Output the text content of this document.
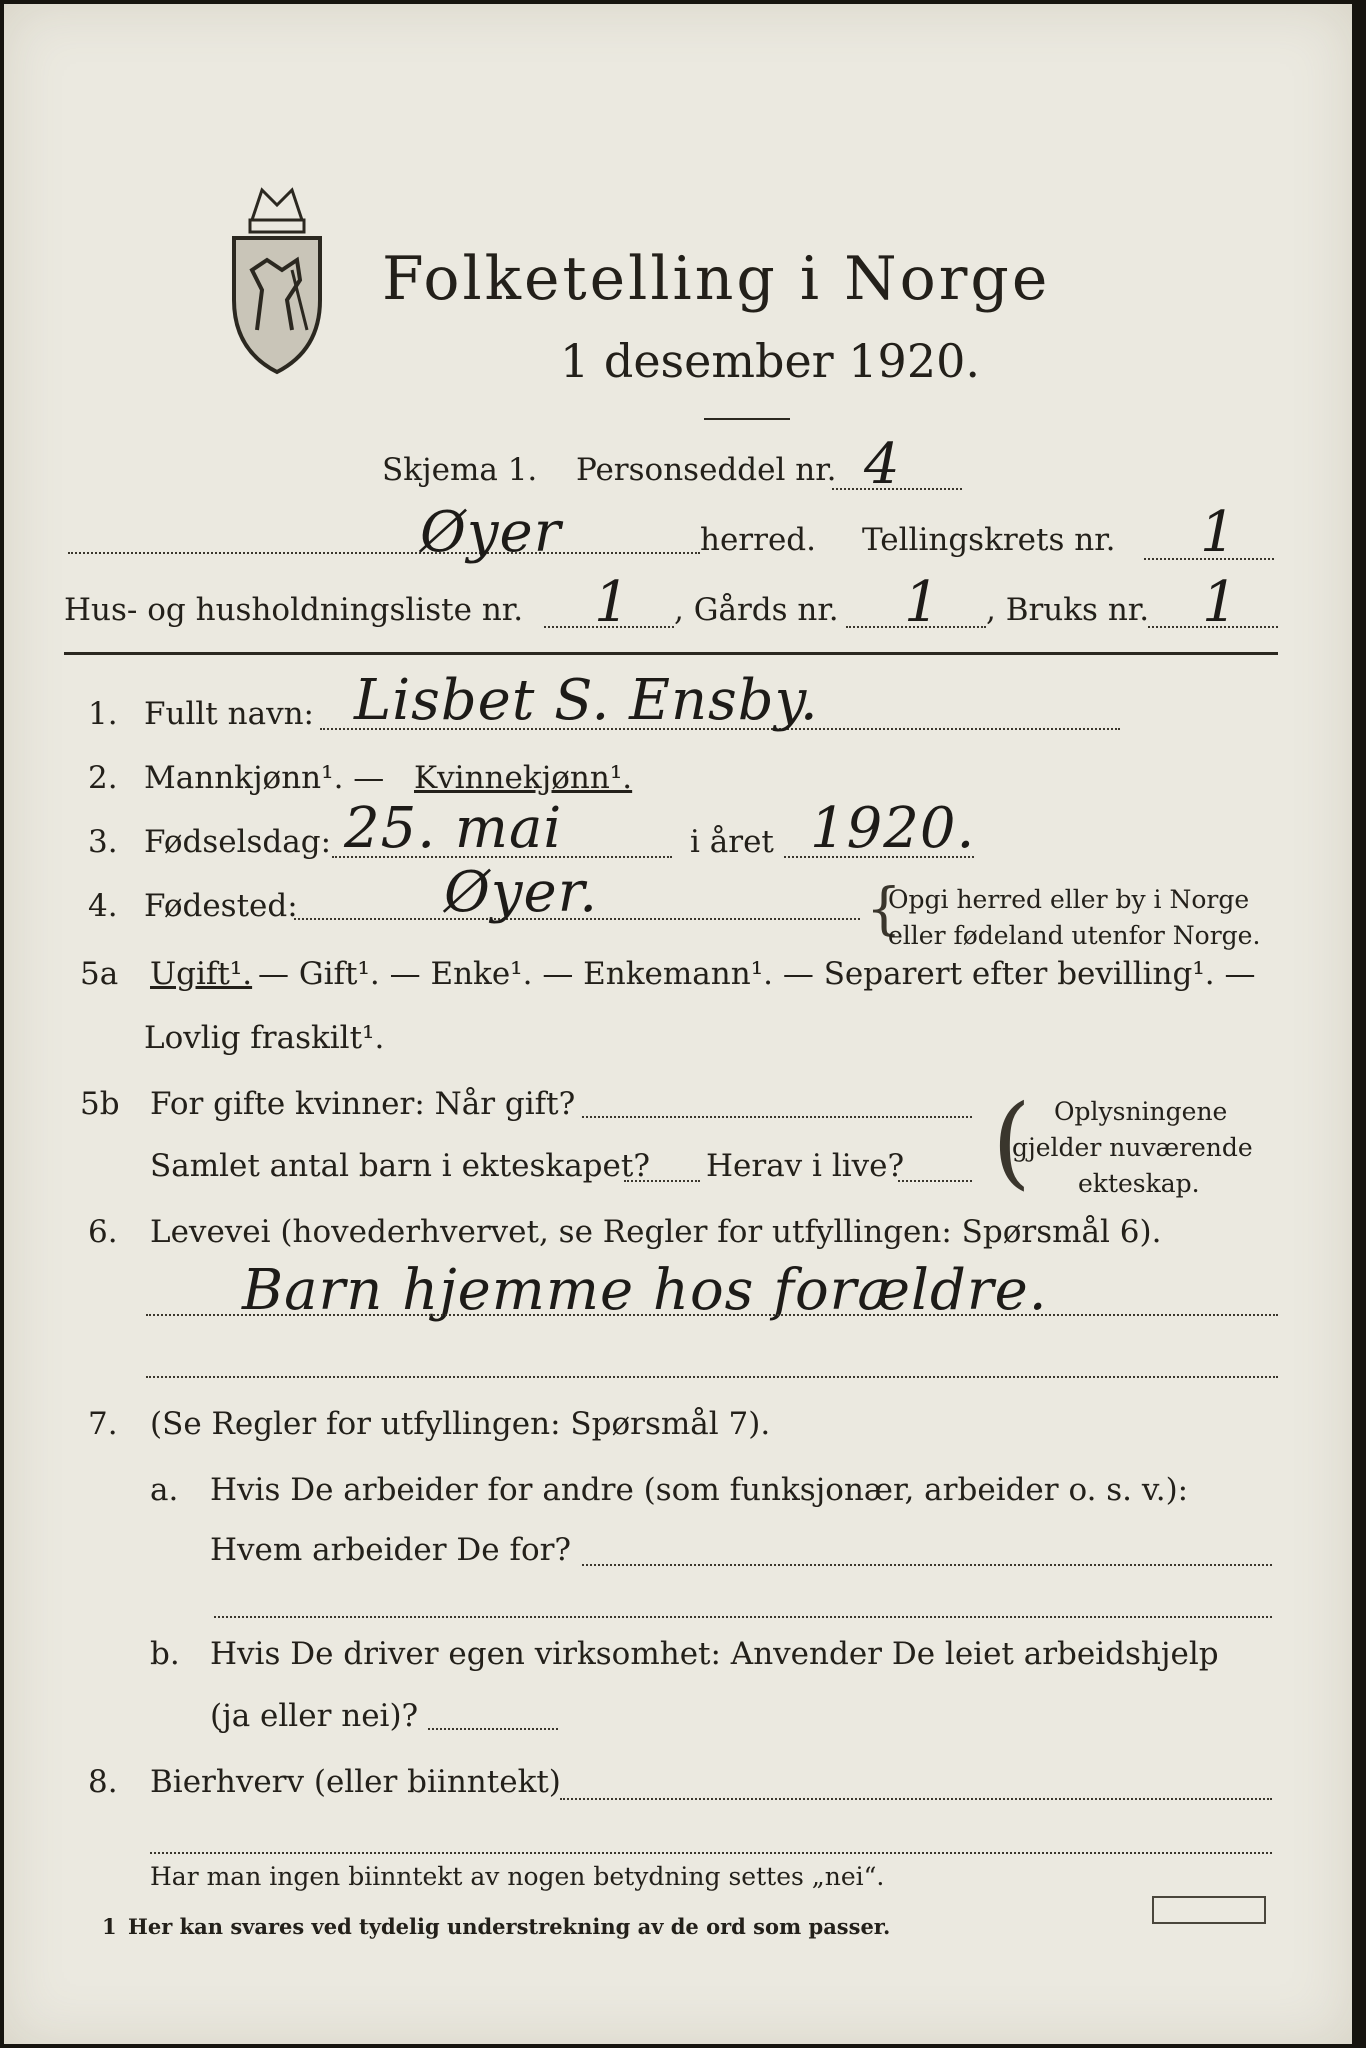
Folketelling i Norge
1 desember 1920.
Skjema 1. Personseddel nr. 4
Øyer	herred. Tellingskrets nr. 1
Hus- og husholdningsliste nr. 1 , Gårds nr. 1 , Bruks nr. 1
1. Fullt navn: Lisbet S. Ensby.
2. Mannkjønn¹. — Kvinnekjønn¹.
3. Fødselsdag: 25. mai	i året 1920.
4. Fødested:	Øyer.	{
Opgi herred eller by i Norge
eller fødeland utenfor Norge.
5a Ugift¹. — Gift¹. — Enke¹. — Enkemann¹. — Separert efter bevilling¹. —
Lovlig fraskilt¹.
5b For gifte kvinner: Når gift?
Samlet antal barn i ekteskapet? Herav i live? ( Oplysningene
gjelder nuværende
ekteskap.
6. Levevei (hovederhvervet, se Regler for utfyllingen: Spørsmål 6).
Barn hjemme hos forældre.
7. (Se Regler for utfyllingen: Spørsmål 7).
a. Hvis De arbeider for andre (som funksjonær, arbeider o. s. v.):
Hvem arbeider De for?
b. Hvis De driver egen virksomhet: Anvender De leiet arbeidshjelp
(ja eller nei)?
8. Bierhverv (eller biinntekt)
Har man ingen biinntekt av nogen betydning settes „nei“.
1 Her kan svares ved tydelig understrekning av de ord som passer.
